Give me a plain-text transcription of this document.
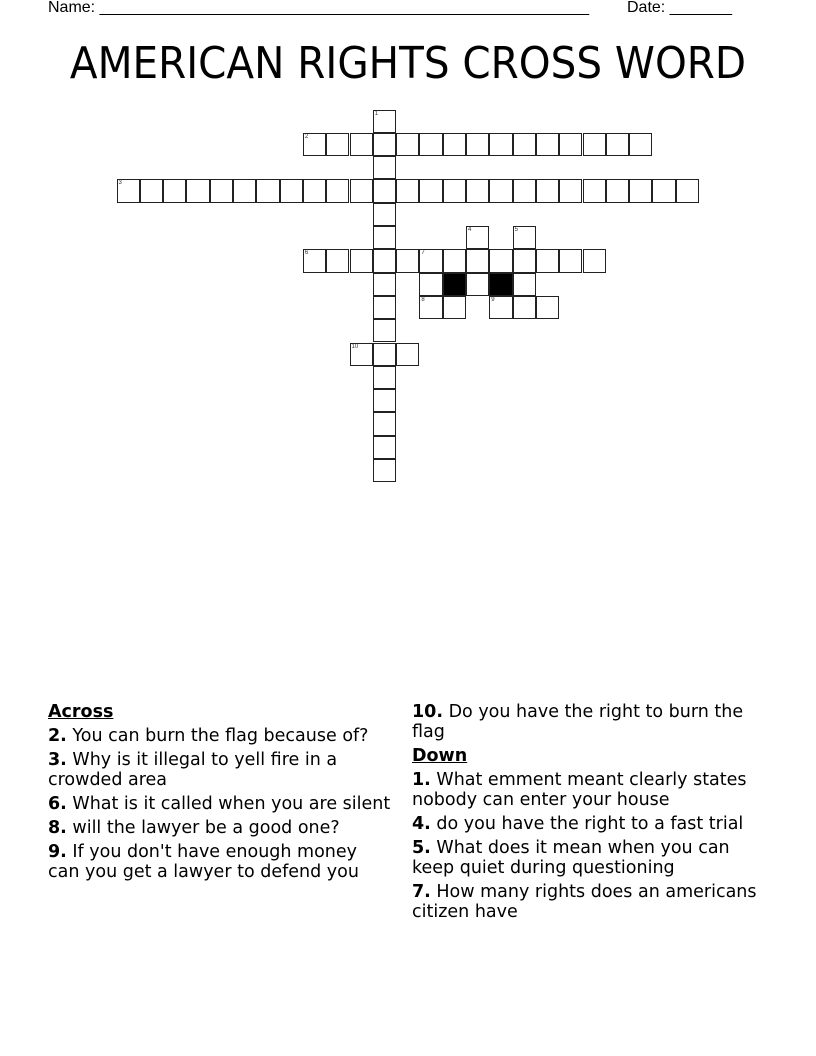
Name: _______________________________________________________ Date: _______
AMERICAN RIGHTS CROSS WORD
1
2
3
4	5
6	7
8	9
10
Across
2. You can burn the flag because of?
3. Why is it illegal to yell fire in a crowded area
6. What is it called when you are silent
8. will the lawyer be a good one?
9. If you don't have enough money can you get a lawyer to defend you
10. Do you have the right to burn the flag
Down
1. What emment meant clearly states nobody can enter your house
4. do you have the right to a fast trial
5. What does it mean when you can keep quiet during questioning
7. How many rights does an americans citizen have
